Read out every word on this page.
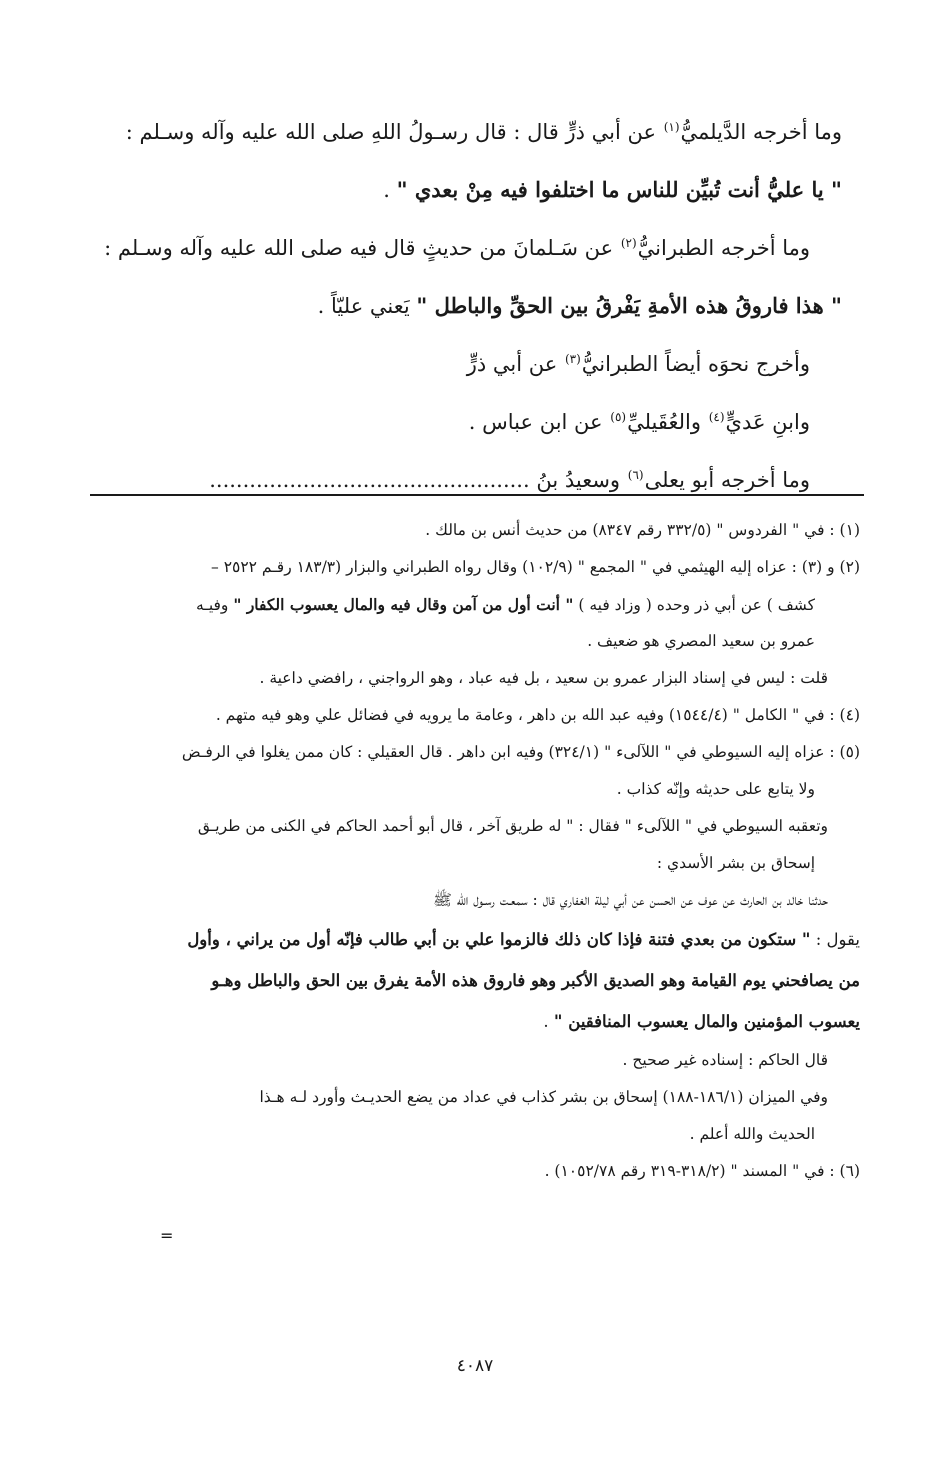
وما أخرجه الدَّيلميُّ$^{(١)}$ عن أبي ذرٍّ قال : قال رسـولُ اللهِ صلى الله عليه وآله وسـلم :
" يا عليُّ أنت تُبيِّن للناس ما اختلفوا فيه مِنْ بعدي " .
وما أخرجه الطبرانيُّ$^{(٢)}$ عن سَـلمانَ من حديثٍ قال فيه صلى الله عليه وآله وسـلم :
" هذا فاروقُ هذه الأمةِ يَفْرقُ بين الحقِّ والباطل " يَعني عليّاً .
وأخرج نحوَه أيضاً الطبرانيُّ$^{(٣)}$ عن أبي ذرٍّ
وابنِ عَديٍّ$^{(٤)}$ والعُقَيليِّ$^{(٥)}$ عن ابن عباس .
وما أخرجه أبو يعلى$^{(٦)}$ وسعيدُ بنُ ................................................
(١) : في " الفردوس " (٣٣٢/٥ رقم ٨٣٤٧) من حديث أنس بن مالك .
(٢) و (٣) : عزاه إليه الهيثمي في " المجمع " (١٠٢/٩) وقال رواه الطبراني والبزار (١٨٣/٣ رقـم ٢٥٢٢ –
كشف ) عن أبي ذر وحده ( وزاد فيه ) " أنت أول من آمن وقال فيه والمال يعسوب الكفار " وفيـه
عمرو بن سعيد المصري هو ضعيف .
قلت : ليس في إسناد البزار عمرو بن سعيد ، بل فيه عباد ، وهو الرواجني ، رافضي داعية .
(٤) : في " الكامل " (١٥٤٤/٤) وفيه عبد الله بن داهر ، وعامة ما يرويه في فضائل علي وهو فيه متهم .
(٥) : عزاه إليه السيوطي في " اللآلىء " (٣٢٤/١) وفيه ابن داهر . قال العقيلي : كان ممن يغلوا في الرفـض
ولا يتابع على حديثه وإنّه كذاب .
وتعقبه السيوطي في " اللآلىء " فقال : " له طريق آخر ، قال أبو أحمد الحاكم في الكنى من طريـق
إسحاق بن بشر الأسدي :
حدثنا خالد بن الحارث عن عوف عن الحسن عن أبي ليلة الغفاري قال : سمعـت رسـول الله ﷺ
يقول : " ستكون من بعدي فتنة فإذا كان ذلك فالزموا علي بن أبي طالب فإنّه أول من يراني ، وأول
من يصافحني يوم القيامة وهو الصديق الأكبر وهو فاروق هذه الأمة يفرق بين الحق والباطل وهـو
يعسوب المؤمنين والمال يعسوب المنافقين " .
قال الحاكم : إسناده غير صحيح .
وفي الميزان (١٨٦/١-١٨٨) إسحاق بن بشر كذاب في عداد من يضع الحديـث وأورد لـه هـذا
الحديث والله أعلم .
(٦) : في " المسند " (٣١٨/٢-٣١٩ رقم ١٠٥٢/٧٨) .
=
٤٠٨٧
